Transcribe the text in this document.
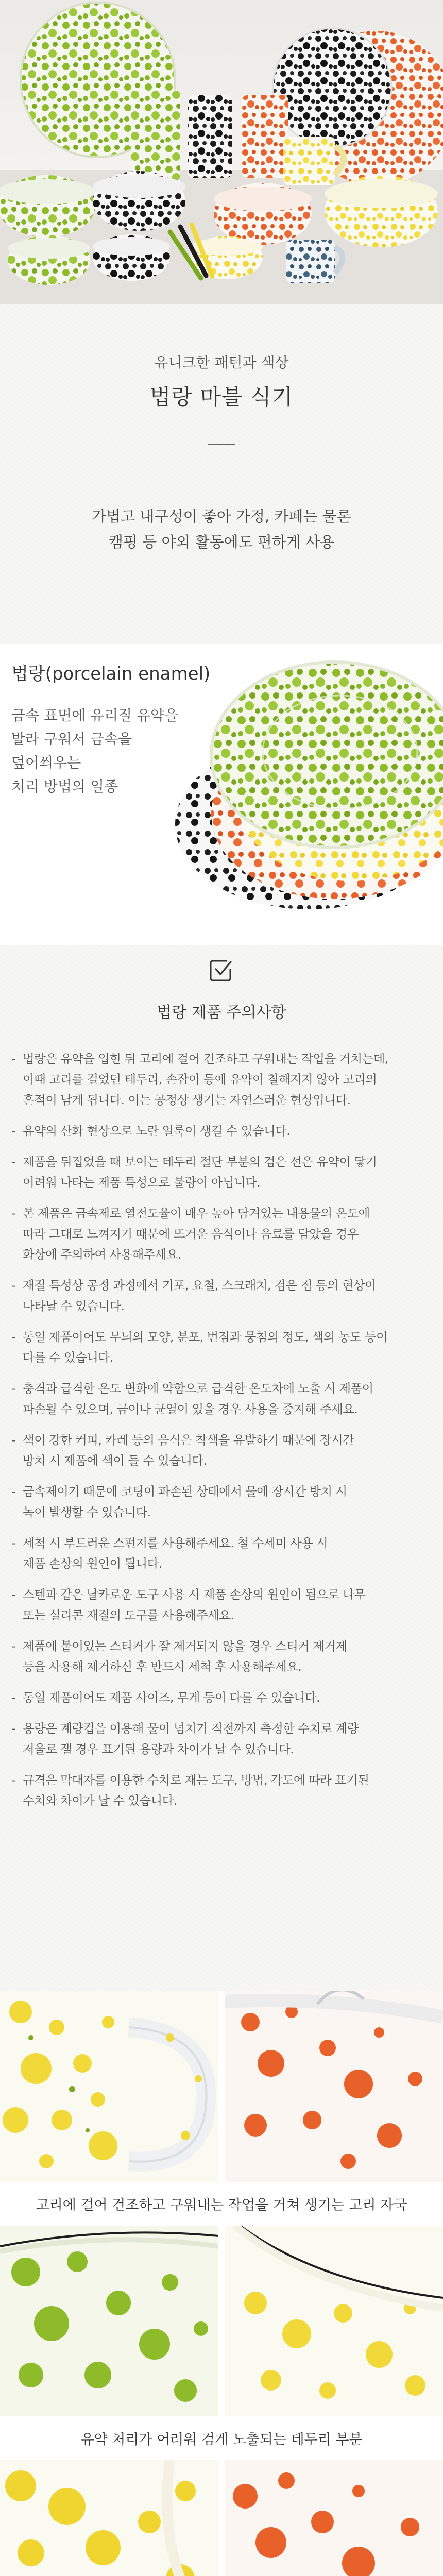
유니크한 패턴과 색상
법랑 마블 식기
가볍고 내구성이 좋아 가정, 카페는 물론
캠핑 등 야외 활동에도 편하게 사용
법랑(porcelain enamel)
금속 표면에 유리질 유약을
발라 구워서 금속을
덮어씌우는
처리 방법의 일종
법랑 제품 주의사항
- 법랑은 유약을 입힌 뒤 고리에 걸어 건조하고 구워내는 작업을 거치는데,
이때 고리를 걸었던 테두리, 손잡이 등에 유약이 칠해지지 않아 고리의
흔적이 남게 됩니다. 이는 공정상 생기는 자연스러운 현상입니다.
- 유약의 산화 현상으로 노란 얼룩이 생길 수 있습니다.
- 제품을 뒤집었을 때 보이는 테두리 절단 부분의 검은 선은 유약이 닿기
어려워 나타는 제품 특성으로 불량이 아닙니다.
- 본 제품은 금속제로 열전도율이 매우 높아 담겨있는 내용물의 온도에
따라 그대로 느껴지기 때문에 뜨거운 음식이나 음료를 담았을 경우
화상에 주의하여 사용해주세요.
- 재질 특성상 공정 과정에서 기포, 요철, 스크래치, 검은 점 등의 현상이
나타날 수 있습니다.
- 동일 제품이어도 무늬의 모양, 분포, 번짐과 뭉침의 정도, 색의 농도 등이
다를 수 있습니다.
- 충격과 급격한 온도 변화에 약함으로 급격한 온도차에 노출 시 제품이
파손될 수 있으며, 금이나 균열이 있을 경우 사용을 중지해 주세요.
- 색이 강한 커피, 카레 등의 음식은 착색을 유발하기 때문에 장시간
방치 시 제품에 색이 들 수 있습니다.
- 금속제이기 때문에 코팅이 파손된 상태에서 물에 장시간 방치 시
녹이 발생할 수 있습니다.
- 세척 시 부드러운 스펀지를 사용해주세요. 철 수세미 사용 시
제품 손상의 원인이 됩니다.
- 스텐과 같은 날카로운 도구 사용 시 제품 손상의 원인이 됨으로 나무
또는 실리콘 재질의 도구를 사용해주세요.
- 제품에 붙어있는 스티커가 잘 제거되지 않을 경우 스티커 제거제
등을 사용해 제거하신 후 반드시 세척 후 사용해주세요.
- 동일 제품이어도 제품 사이즈, 무게 등이 다를 수 있습니다.
- 용량은 계량컵을 이용해 물이 넘치기 직전까지 측정한 수치로 계량
저울로 잴 경우 표기된 용량과 차이가 날 수 있습니다.
- 규격은 막대자를 이용한 수치로 재는 도구, 방법, 각도에 따라 표기된
수치와 차이가 날 수 있습니다.
고리에 걸어 건조하고 구워내는 작업을 거쳐 생기는 고리 자국
유약 처리가 어려워 검게 노출되는 테두리 부분
